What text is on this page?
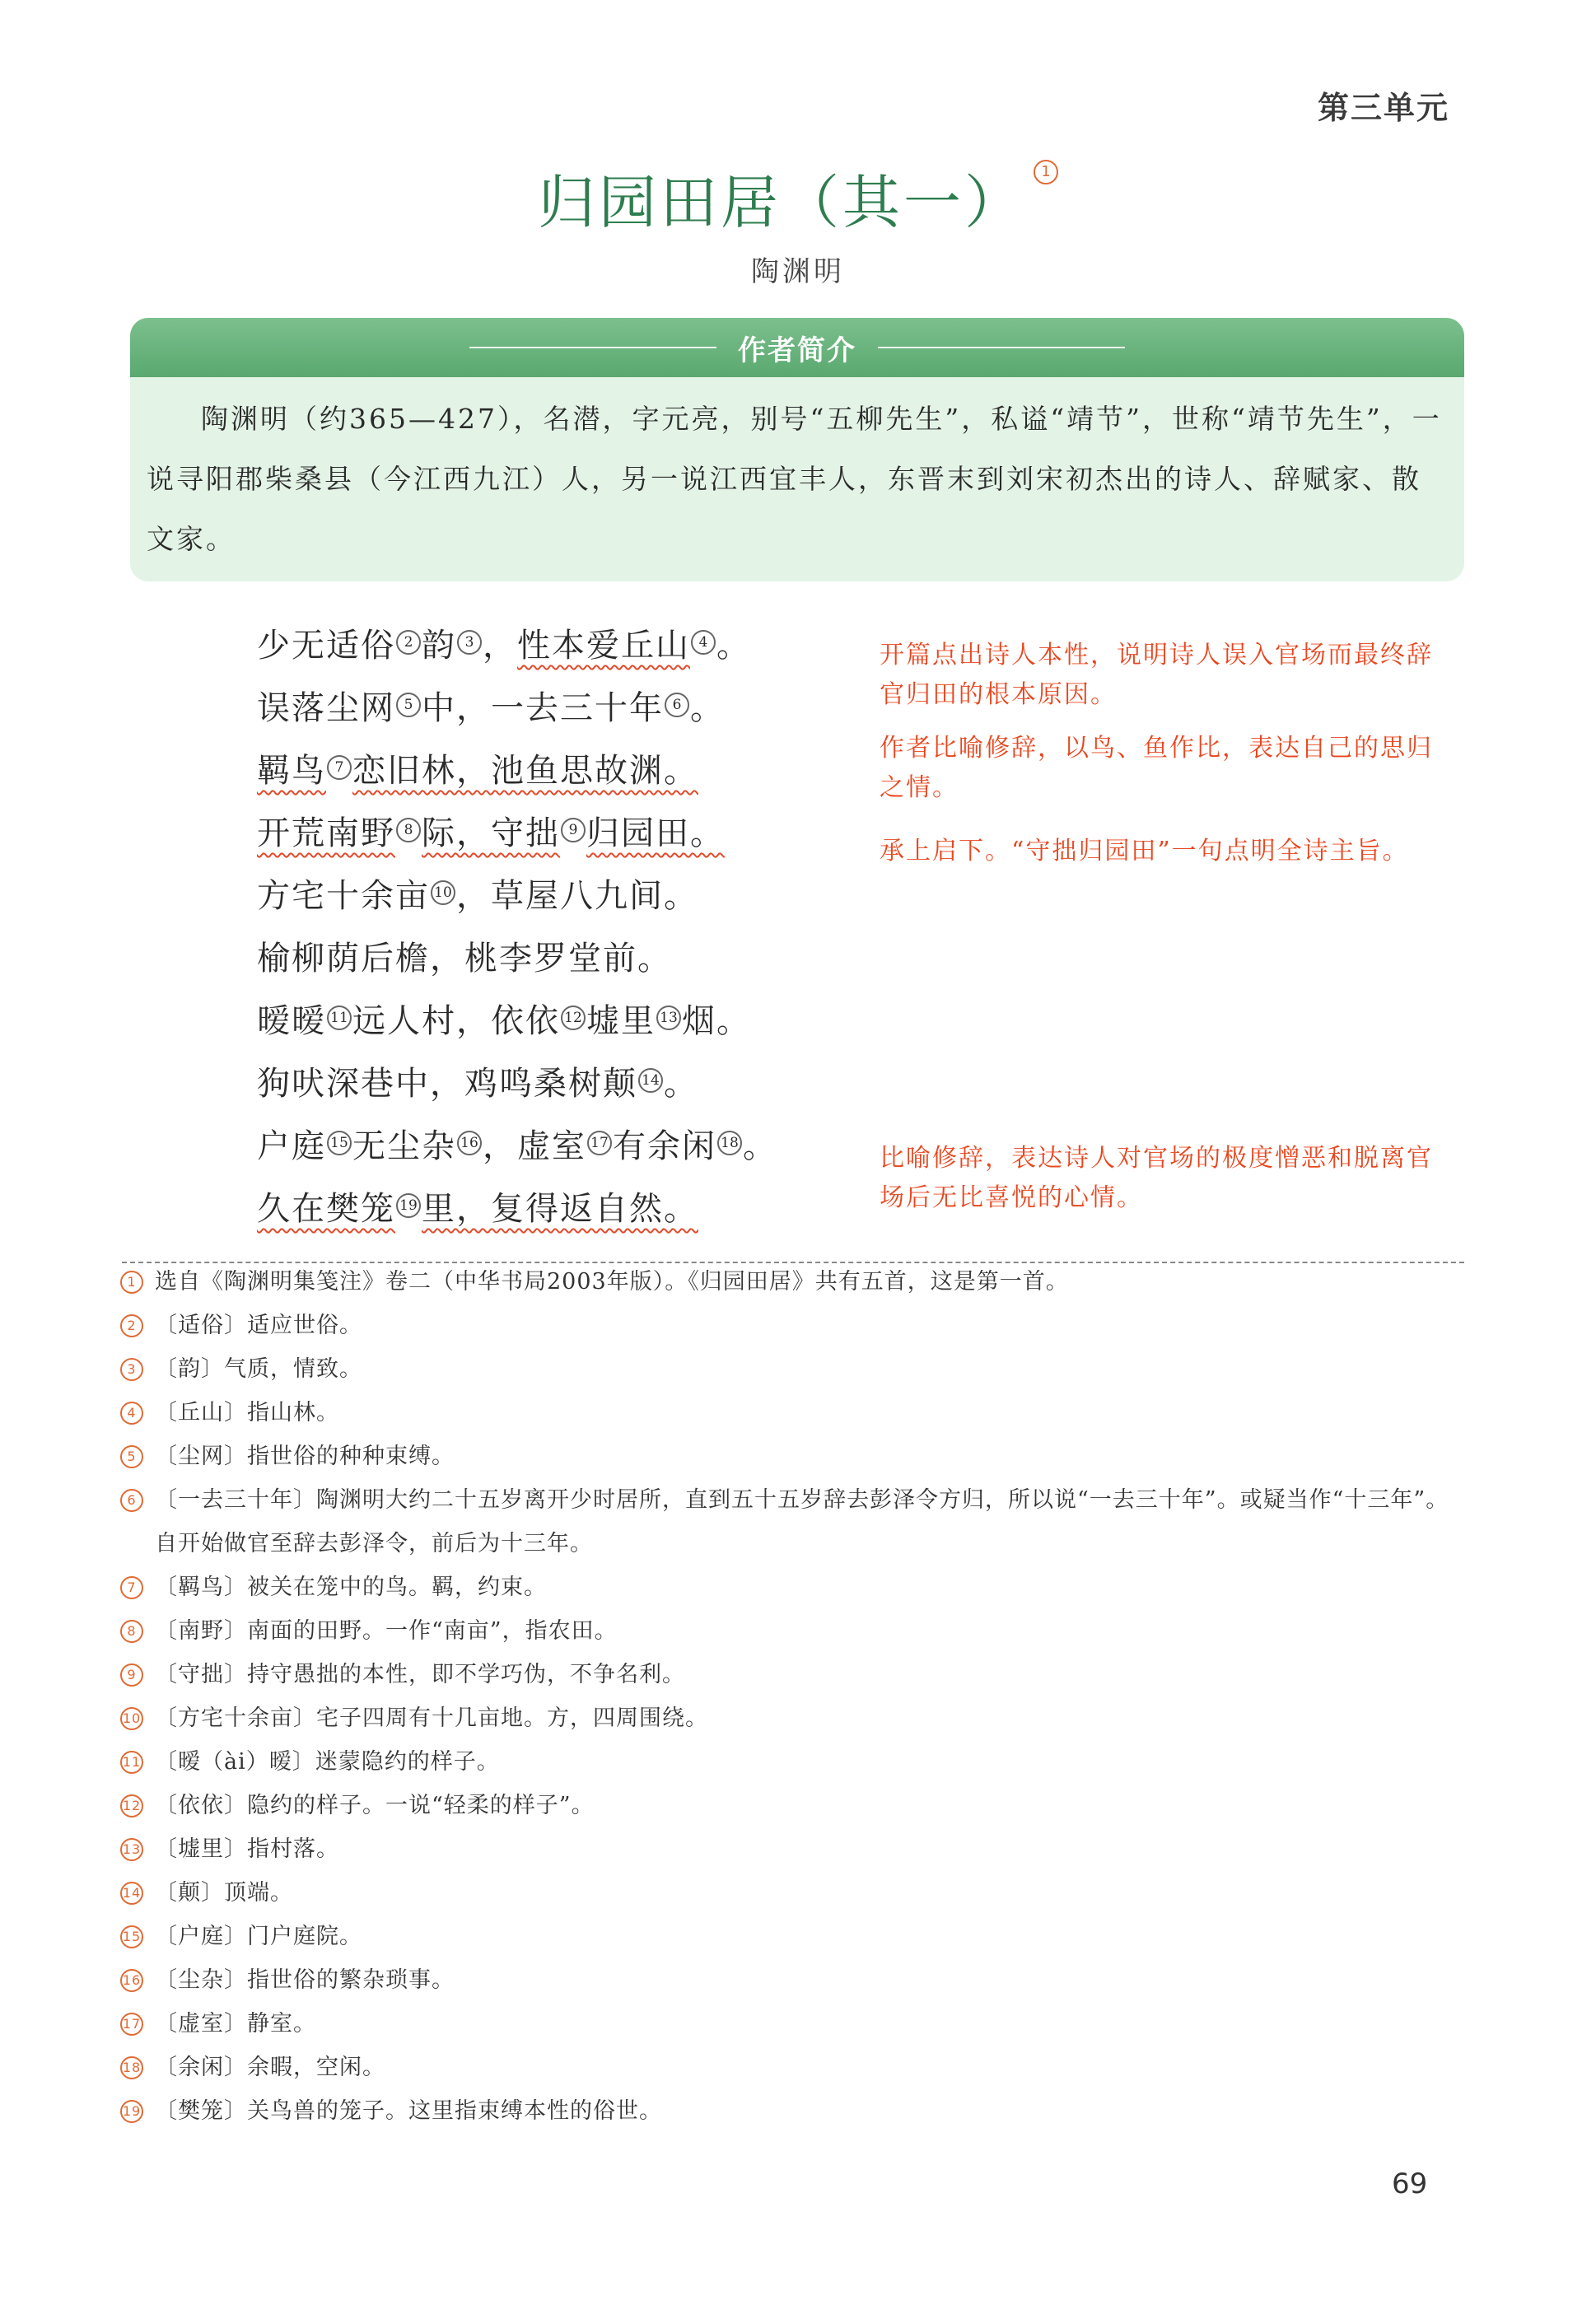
第三单元
归园田居（其一） 1
陶渊明
作者简介
陶渊明（约365—427），名潜，字元亮，别号“五柳先生”，私谥“靖节”，世称“靖节先生”，一说寻阳郡柴桑县（今江西九江）人，另一说江西宜丰人，东晋末到刘宋初杰出的诗人、辞赋家、散文家。
少无适俗 $^2$ 韵 $^3$ ，性本爱丘山 $^4$ 。
误落尘网 $^5$ 中，一去三十年 $^6$ 。
羁鸟 $^7$ 恋旧林，池鱼思故渊。
开荒南野 $^8$ 际，守拙 $^9$ 归园田。
方宅十余亩 $^{10}$ ，草屋八九间。
榆柳荫后檐，桃李罗堂前。
暧暧 $^{11}$ 远人村，依依 $^{12}$ 墟里 $^{13}$ 烟。
狗吠深巷中，鸡鸣桑树颠 $^{14}$ 。
户庭 $^{15}$ 无尘杂 $^{16}$ ，虚室 $^{17}$ 有余闲 $^{18}$ 。
久在樊笼 $^{19}$ 里，复得返自然。
开篇点出诗人本性，说明诗人误入官场而最终辞官归田的根本原因。
作者比喻修辞，以鸟、鱼作比，表达自己的思归之情。
承上启下。“守拙归园田”一句点明全诗主旨。
比喻修辞，表达诗人对官场的极度憎恶和脱离官场后无比喜悦的心情。
1 选自《陶渊明集笺注》卷二（中华书局2003年版）。《归园田居》共有五首，这是第一首。
2 〔适俗〕适应世俗。
3 〔韵〕气质，情致。
4 〔丘山〕指山林。
5 〔尘网〕指世俗的种种束缚。
6 〔一去三十年〕陶渊明大约二十五岁离开少时居所，直到五十五岁辞去彭泽令方归，所以说“一去三十年”。或疑当作“十三年”。自开始做官至辞去彭泽令，前后为十三年。
7 〔羁鸟〕被关在笼中的鸟。羁，约束。
8 〔南野〕南面的田野。一作“南亩”，指农田。
9 〔守拙〕持守愚拙的本性，即不学巧伪，不争名利。
10 〔方宅十余亩〕宅子四周有十几亩地。方，四周围绕。
11 〔暧（ài）暧〕迷蒙隐约的样子。
12 〔依依〕隐约的样子。一说“轻柔的样子”。
13 〔墟里〕指村落。
14 〔颠〕顶端。
15 〔户庭〕门户庭院。
16 〔尘杂〕指世俗的繁杂琐事。
17 〔虚室〕静室。
18 〔余闲〕余暇，空闲。
19 〔樊笼〕关鸟兽的笼子。这里指束缚本性的俗世。
69
